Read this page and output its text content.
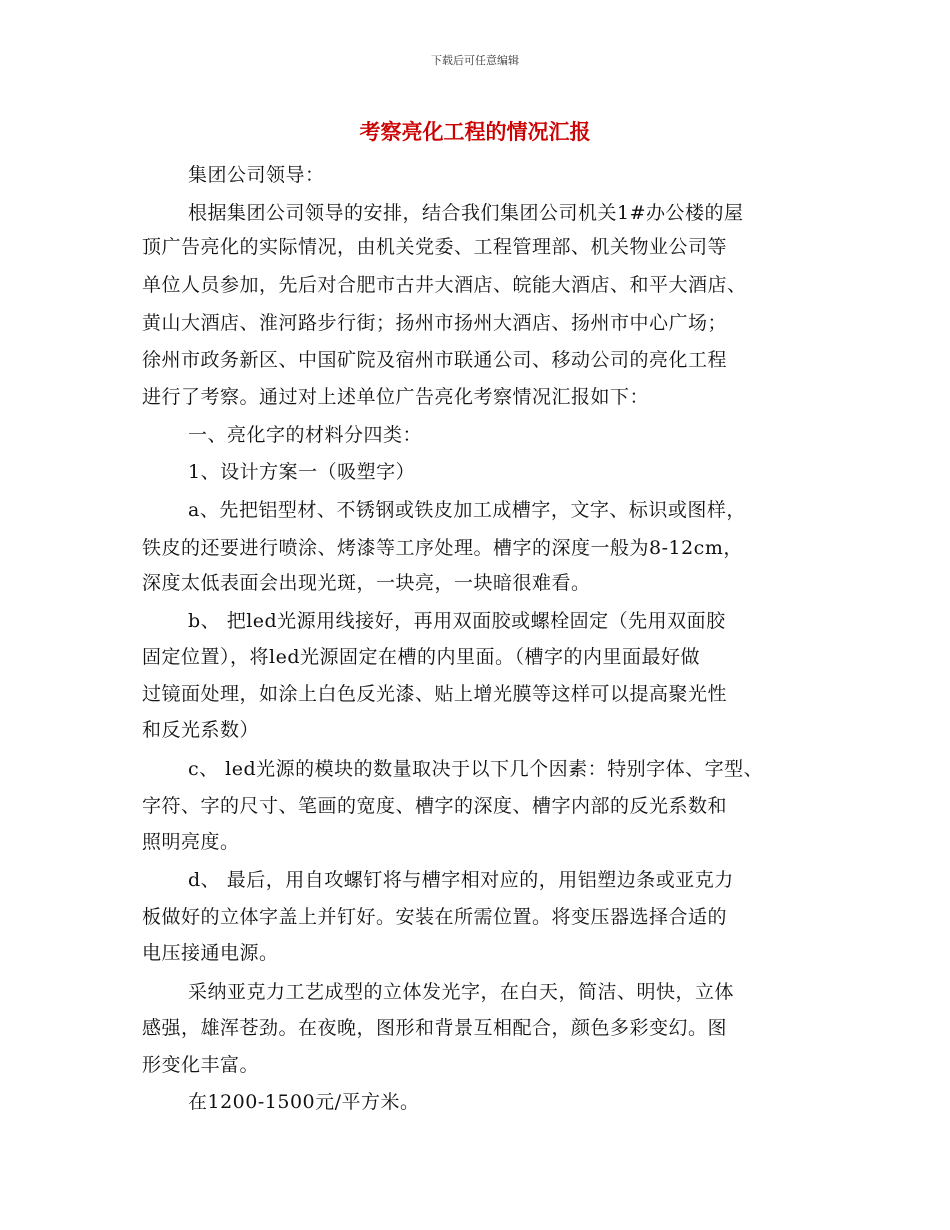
下载后可任意编辑
考察亮化工程的情况汇报
集团公司领导：
根据集团公司领导的安排，结合我们集团公司机关1#办公楼的屋
顶广告亮化的实际情况，由机关党委、工程管理部、机关物业公司等
单位人员参加，先后对合肥市古井大酒店、皖能大酒店、和平大酒店、
黄山大酒店、淮河路步行街；扬州市扬州大酒店、扬州市中心广场；
徐州市政务新区、中国矿院及宿州市联通公司、移动公司的亮化工程
进行了考察。通过对上述单位广告亮化考察情况汇报如下：
一、亮化字的材料分四类：
1、设计方案一（吸塑字）
a、先把铝型材、不锈钢或铁皮加工成槽字，文字、标识或图样，
铁皮的还要进行喷涂、烤漆等工序处理。槽字的深度一般为8-12cm，
深度太低表面会出现光斑，一块亮，一块暗很难看。
b、 把led光源用线接好，再用双面胶或螺栓固定（先用双面胶
固定位置），将led光源固定在槽的内里面。（槽字的内里面最好做
过镜面处理，如涂上白色反光漆、贴上增光膜等这样可以提高聚光性
和反光系数）
c、 led光源的模块的数量取决于以下几个因素：特别字体、字型、
字符、字的尺寸、笔画的宽度、槽字的深度、槽字内部的反光系数和
照明亮度。
d、 最后，用自攻螺钉将与槽字相对应的，用铝塑边条或亚克力
板做好的立体字盖上并钉好。安装在所需位置。将变压器选择合适的
电压接通电源。
采纳亚克力工艺成型的立体发光字，在白天，简洁、明快，立体
感强，雄浑苍劲。在夜晚，图形和背景互相配合，颜色多彩变幻。图
形变化丰富。
在1200-1500元/平方米。
